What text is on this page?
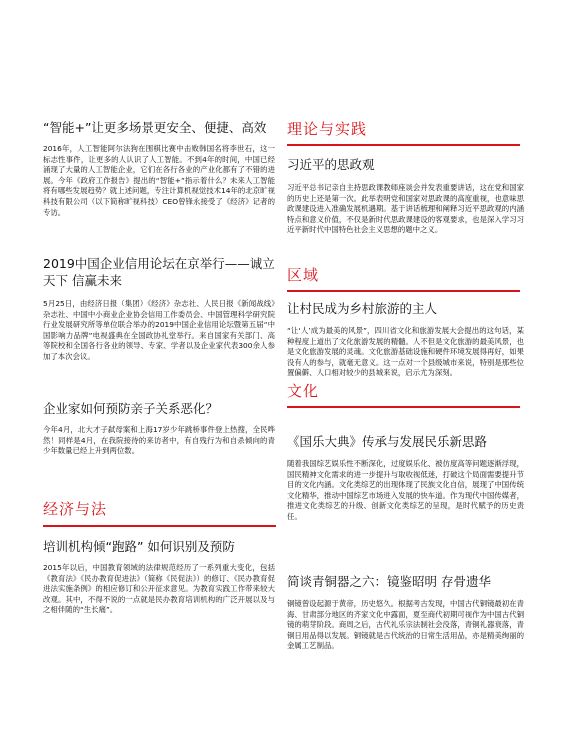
“智能+”让更多场景更安全、便捷、高效

2016年，人工智能阿尔法狗在围棋比赛中击败韩国名将李世石，这一标志性事件，让更多的人认识了人工智能。不到4年的时间，中国已经涌现了大量的人工智能企业，它们在各行各业的产业化都有了不错的进展。今年《政府工作报告》提出的“智能+”指示着什么？未来人工智能将有哪些发展趋势？就上述问题，专注计算机视觉技术14年的北京旷视科技有限公司（以下简称旷视科技）CEO曾锋永接受了《经济》记者的专访。

2019中国企业信用论坛在京举行——诚立天下 信赢未来

5月25日，由经济日报（集团）《经济》杂志社、人民日报《新闻战线》杂志社、中国中小商业企业协会信用工作委员会、中国管理科学研究院行业发展研究所等单位联合举办的2019中国企业信用论坛暨第五届“中国影响力品牌”电视盛典在全国政协礼堂举行。来自国家有关部门、高等院校和全国各行各业的领导、专家、学者以及企业家代表300余人参加了本次会议。

企业家如何预防亲子关系恶化？

今年4月，北大才子弑母案和上海17岁少年跳桥事件登上热搜，全民哗然！同样是4月，在我院接待的来访者中，有自残行为和自杀倾向的青少年数量已经上升到两位数。

经济与法
培训机构倾“跑路” 如何识别及预防

2015年以后，中国教育领域的法律规范经历了一系列重大变化，包括《教育法》《民办教育促进法》（简称《民促法》）的修订、《民办教育促进法实施条例》的相应修订和公开征求意见。为教育实践工作带来较大改观。其中，不得不说的一点就是民办教育培训机构的广泛开展以及与之相伴随的“生长痛”。

理论与实践
习近平的思政观

习近平总书记亲自主持思政课教师座谈会并发表重要讲话，这在党和国家的历史上还是第一次。此举表明党和国家对思政课的高度重视，也意味思政课建设进入准确发展机遇期。基于讲话梳理和阐释习近平思政观的内涵特点和意义价值，不仅是新时代思政课建设的客观要求，也是深入学习习近平新时代中国特色社会主义思想的题中之义。

区域
让村民成为乡村旅游的主人

“让‘人’成为最美的风景”，四川省文化和旅游发展大会提出的这句话，某种程度上道出了文化旅游发展的精髓。人不但是文化旅游的最美风景，也是文化旅游发展的灵魂。文化旅游基础设施和硬件环境发展得再好，如果没有人的参与，就毫无意义。这一点对一个县级城市来说，特别是那些位置偏僻、人口相对较少的县城来说，启示尤为深刻。

文化
《国乐大典》传承与发展民乐新思路

随着我国综艺娱乐性不断深化，过度娱乐化、被仿度高等问题逐渐浮现，国民精神文化需求的进一步提升与取收视低迷，打破这个局面需要提升节目的文化内涵。文化类综艺的出现体现了民族文化自信，展现了中国传统文化精华，推动中国综艺市场进入发展的快车道。作为现代中国传媒者，推进文化类综艺的升级、创新文化类综艺的呈现，是时代赋予的历史责任。

简谈青铜器之六：镜鉴昭明 存骨遗华

铜镜曾设起源于黄帝，历史悠久。根据考古发现，中国古代铜镜最初在青海、甘肃部分地区的齐家文化中露面，夏至商代初期可视作为中国古代铜镜的萌芽阶段。商周之后，古代礼乐宗法制社会没落，青铜礼器衰落，青铜日用品得以发展。铜镜就是古代统治的日常生活用品，亦是精美绚丽的金属工艺制品。
